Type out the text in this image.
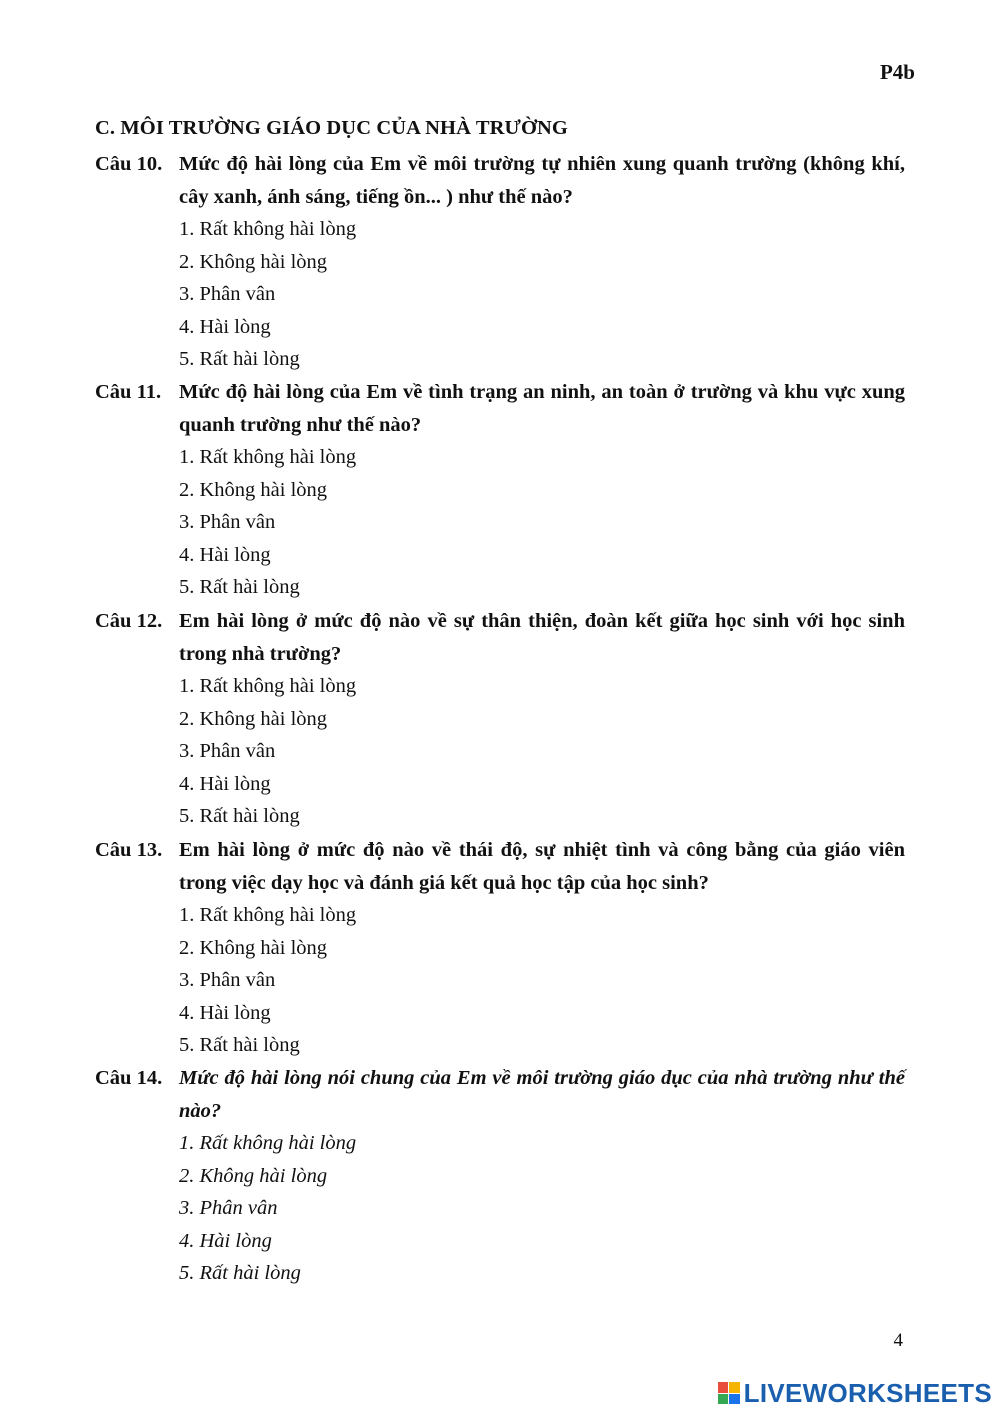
P4b
C. MÔI TRƯỜNG GIÁO DỤC CỦA NHÀ TRƯỜNG
Câu 10. Mức độ hài lòng của Em về môi trường tự nhiên xung quanh trường (không khí, cây xanh, ánh sáng, tiếng ồn... ) như thế nào?
1. Rất không hài lòng
2. Không hài lòng
3. Phân vân
4. Hài lòng
5. Rất hài lòng
Câu 11. Mức độ hài lòng của Em về tình trạng an ninh, an toàn ở trường và khu vực xung quanh trường như thế nào?
1. Rất không hài lòng
2. Không hài lòng
3. Phân vân
4. Hài lòng
5. Rất hài lòng
Câu 12. Em hài lòng ở mức độ nào về sự thân thiện, đoàn kết giữa học sinh với học sinh trong nhà trường?
1. Rất không hài lòng
2. Không hài lòng
3. Phân vân
4. Hài lòng
5. Rất hài lòng
Câu 13. Em hài lòng ở mức độ nào về thái độ, sự nhiệt tình và công bằng của giáo viên trong việc dạy học và đánh giá kết quả học tập của học sinh?
1. Rất không hài lòng
2. Không hài lòng
3. Phân vân
4. Hài lòng
5. Rất hài lòng
Câu 14. Mức độ hài lòng nói chung của Em về môi trường giáo dục của nhà trường như thế nào?
1. Rất không hài lòng
2. Không hài lòng
3. Phân vân
4. Hài lòng
5. Rất hài lòng
4
LIVEWORKSHEETS
